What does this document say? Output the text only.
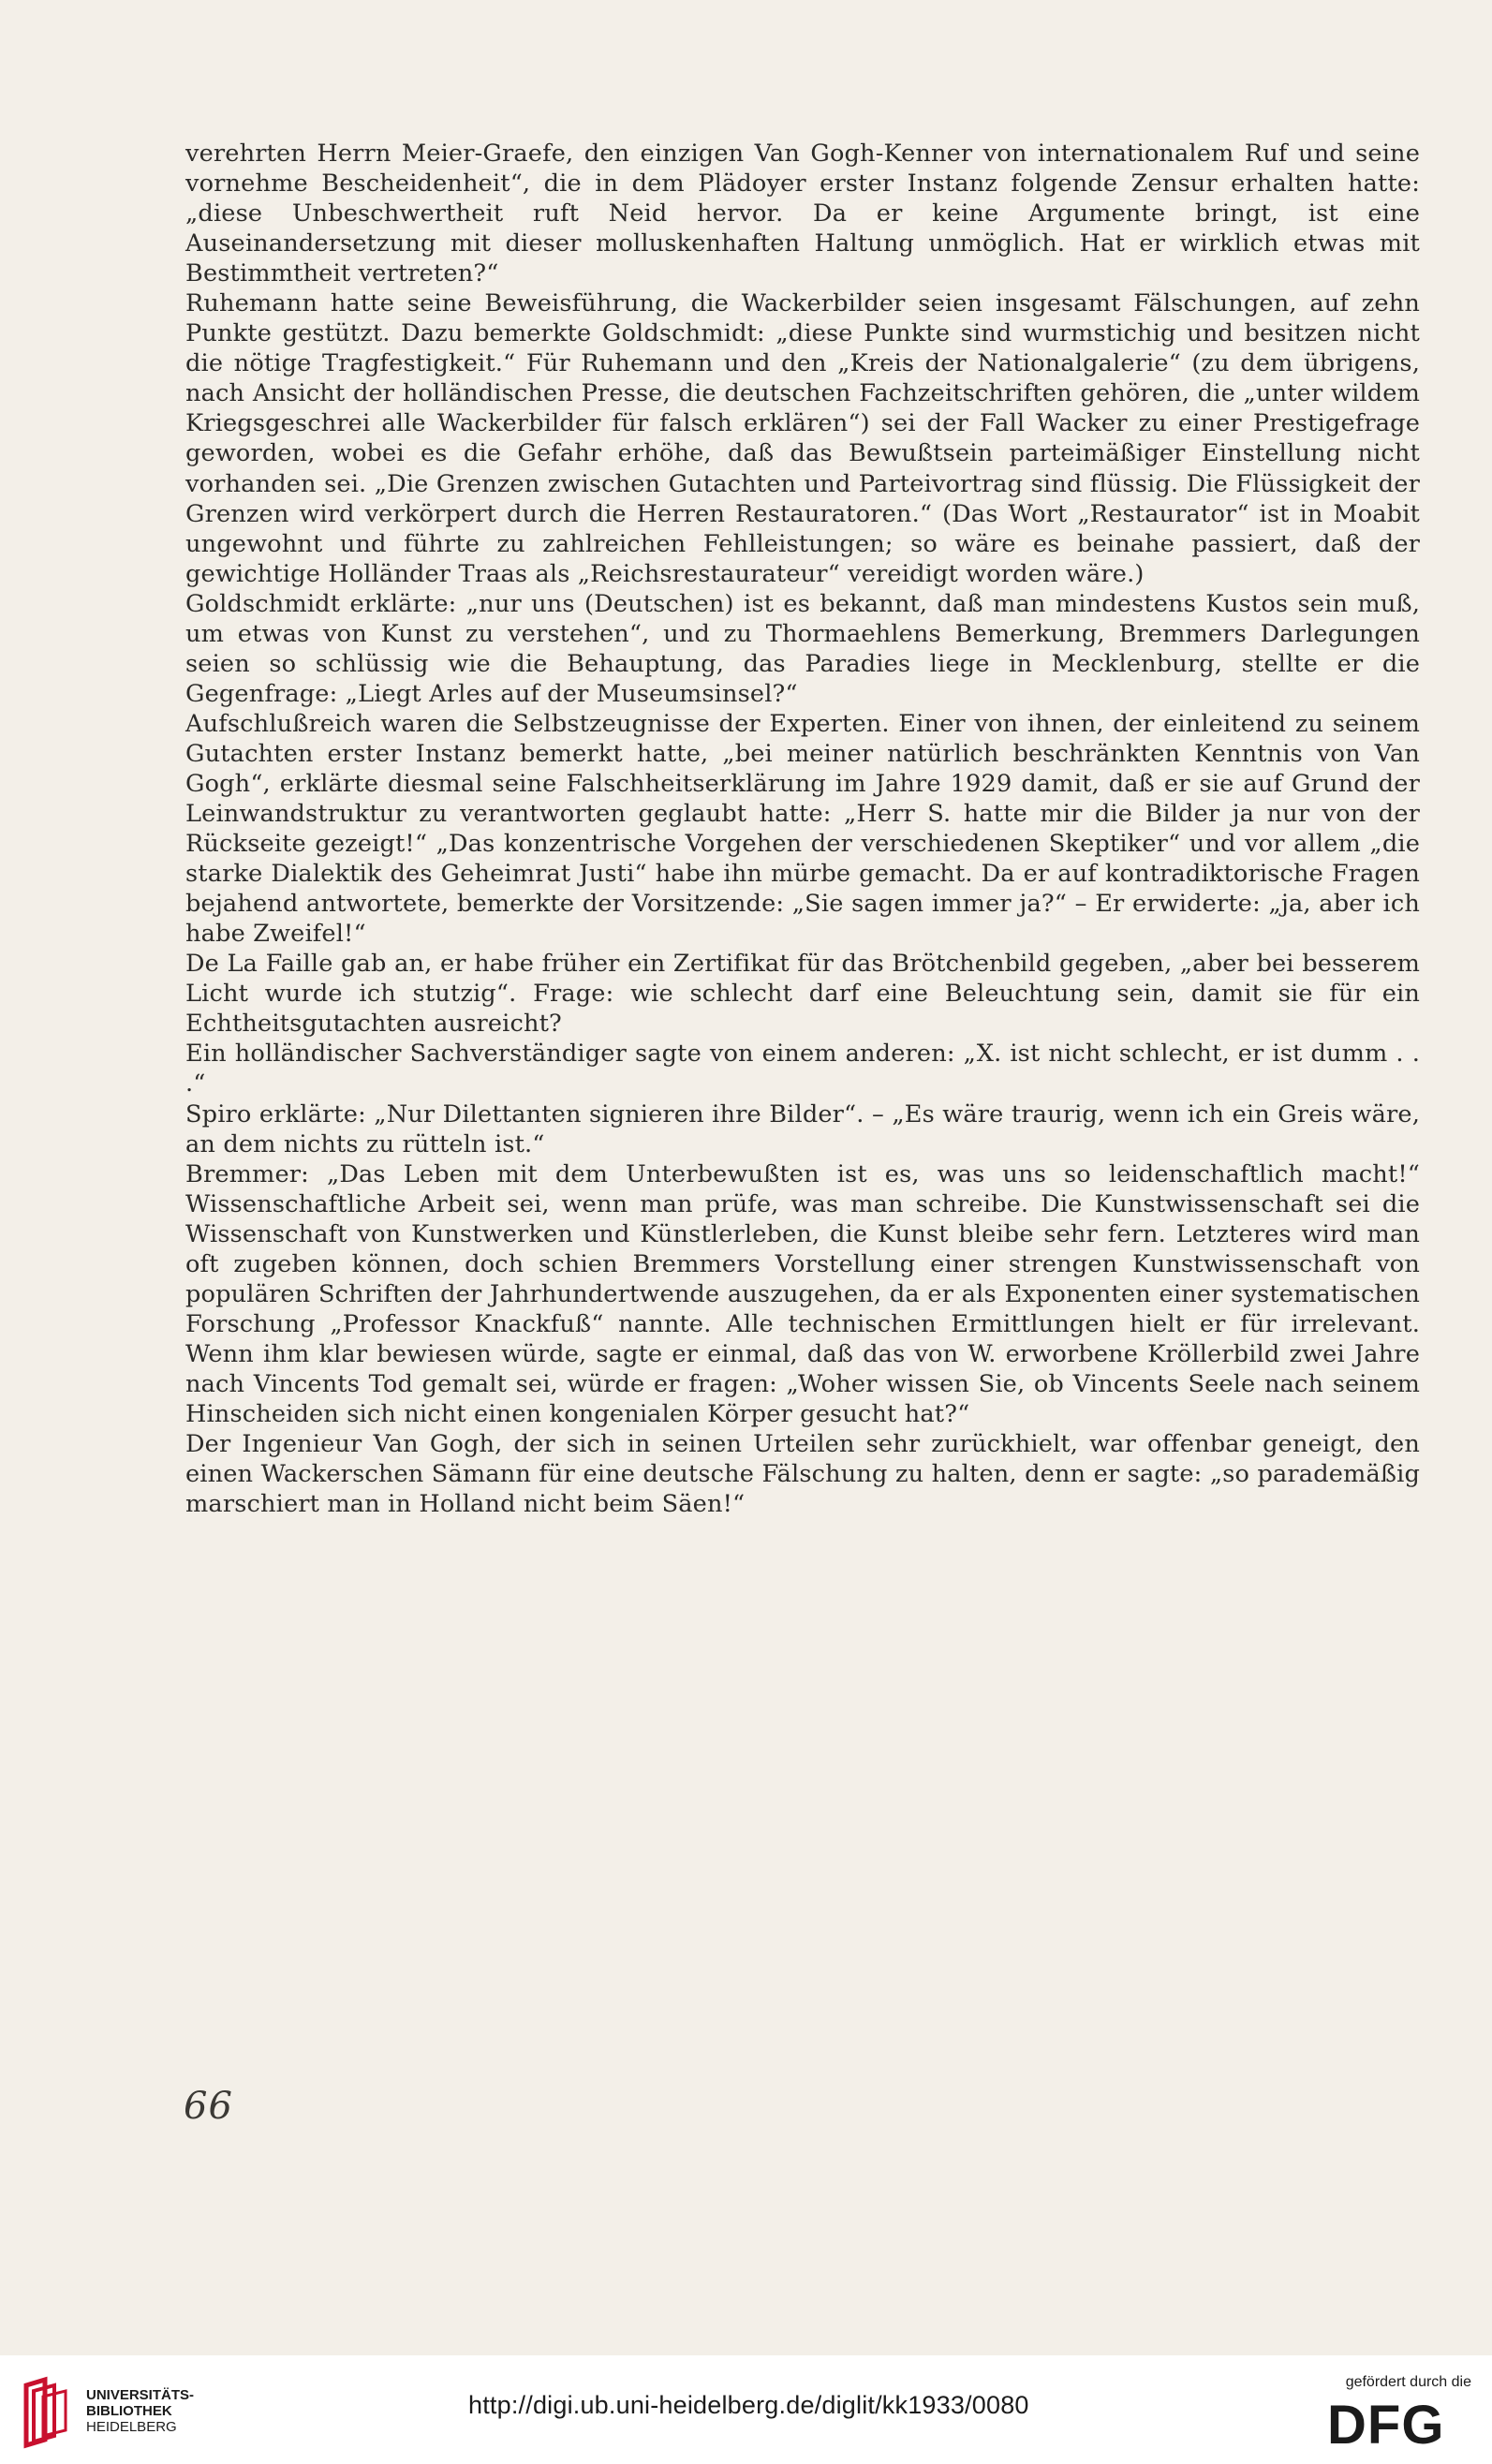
verehrten Herrn Meier-Graefe, den einzigen Van Gogh-Kenner von internationalem Ruf und seine vornehme Bescheidenheit“, die in dem Plädoyer erster Instanz folgende Zensur erhalten hatte: „diese Unbeschwertheit ruft Neid hervor. Da er keine Argumente bringt, ist eine Auseinandersetzung mit dieser molluskenhaften Haltung unmöglich. Hat er wirklich etwas mit Bestimmtheit vertreten?“

Ruhemann hatte seine Beweisführung, die Wackerbilder seien insgesamt Fälschungen, auf zehn Punkte gestützt. Dazu bemerkte Goldschmidt: „diese Punkte sind wurmstichig und besitzen nicht die nötige Tragfestigkeit.“ Für Ruhemann und den „Kreis der Nationalgalerie“ (zu dem übrigens, nach Ansicht der holländischen Presse, die deutschen Fachzeitschriften gehören, die „unter wildem Kriegsgeschrei alle Wackerbilder für falsch erklären“) sei der Fall Wacker zu einer Prestigefrage geworden, wobei es die Gefahr erhöhe, daß das Bewußtsein parteimäßiger Einstellung nicht vorhanden sei. „Die Grenzen zwischen Gutachten und Parteivortrag sind flüssig. Die Flüssigkeit der Grenzen wird verkörpert durch die Herren Restauratoren.“ (Das Wort „Restaurator“ ist in Moabit ungewohnt und führte zu zahlreichen Fehlleistungen; so wäre es beinahe passiert, daß der gewichtige Holländer Traas als „Reichsrestaurateur“ vereidigt worden wäre.)

Goldschmidt erklärte: „nur uns (Deutschen) ist es bekannt, daß man mindestens Kustos sein muß, um etwas von Kunst zu verstehen“, und zu Thormaehlens Bemerkung, Bremmers Darlegungen seien so schlüssig wie die Behauptung, das Paradies liege in Mecklenburg, stellte er die Gegenfrage: „Liegt Arles auf der Museumsinsel?“

Aufschlußreich waren die Selbstzeugnisse der Experten. Einer von ihnen, der einleitend zu seinem Gutachten erster Instanz bemerkt hatte, „bei meiner natürlich beschränkten Kenntnis von Van Gogh“, erklärte diesmal seine Falschheitserklärung im Jahre 1929 damit, daß er sie auf Grund der Leinwandstruktur zu verantworten geglaubt hatte: „Herr S. hatte mir die Bilder ja nur von der Rückseite gezeigt!“ „Das konzentrische Vorgehen der verschiedenen Skeptiker“ und vor allem „die starke Dialektik des Geheimrat Justi“ habe ihn mürbe gemacht. Da er auf kontradiktorische Fragen bejahend antwortete, bemerkte der Vorsitzende: „Sie sagen immer ja?“ – Er erwiderte: „ja, aber ich habe Zweifel!“

De La Faille gab an, er habe früher ein Zertifikat für das Brötchenbild gegeben, „aber bei besserem Licht wurde ich stutzig“. Frage: wie schlecht darf eine Beleuchtung sein, damit sie für ein Echtheitsgutachten ausreicht?

Ein holländischer Sachverständiger sagte von einem anderen: „X. ist nicht schlecht, er ist dumm . . .“

Spiro erklärte: „Nur Dilettanten signieren ihre Bilder“. – „Es wäre traurig, wenn ich ein Greis wäre, an dem nichts zu rütteln ist.“

Bremmer: „Das Leben mit dem Unterbewußten ist es, was uns so leidenschaftlich macht!“ Wissenschaftliche Arbeit sei, wenn man prüfe, was man schreibe. Die Kunstwissenschaft sei die Wissenschaft von Kunstwerken und Künstlerleben, die Kunst bleibe sehr fern. Letzteres wird man oft zugeben können, doch schien Bremmers Vorstellung einer strengen Kunstwissenschaft von populären Schriften der Jahrhundertwende auszugehen, da er als Exponenten einer systematischen Forschung „Professor Knackfuß“ nannte. Alle technischen Ermittlungen hielt er für irrelevant. Wenn ihm klar bewiesen würde, sagte er einmal, daß das von W. erworbene Kröllerbild zwei Jahre nach Vincents Tod gemalt sei, würde er fragen: „Woher wissen Sie, ob Vincents Seele nach seinem Hinscheiden sich nicht einen kongenialen Körper gesucht hat?“

Der Ingenieur Van Gogh, der sich in seinen Urteilen sehr zurückhielt, war offenbar geneigt, den einen Wackerschen Sämann für eine deutsche Fälschung zu halten, denn er sagte: „so parademäßig marschiert man in Holland nicht beim Säen!“

66
UNIVERSITÄTS-
BIBLIOTHEK
HEIDELBERG
http://digi.ub.uni-heidelberg.de/diglit/kk1933/0080
gefördert durch die
DFG
